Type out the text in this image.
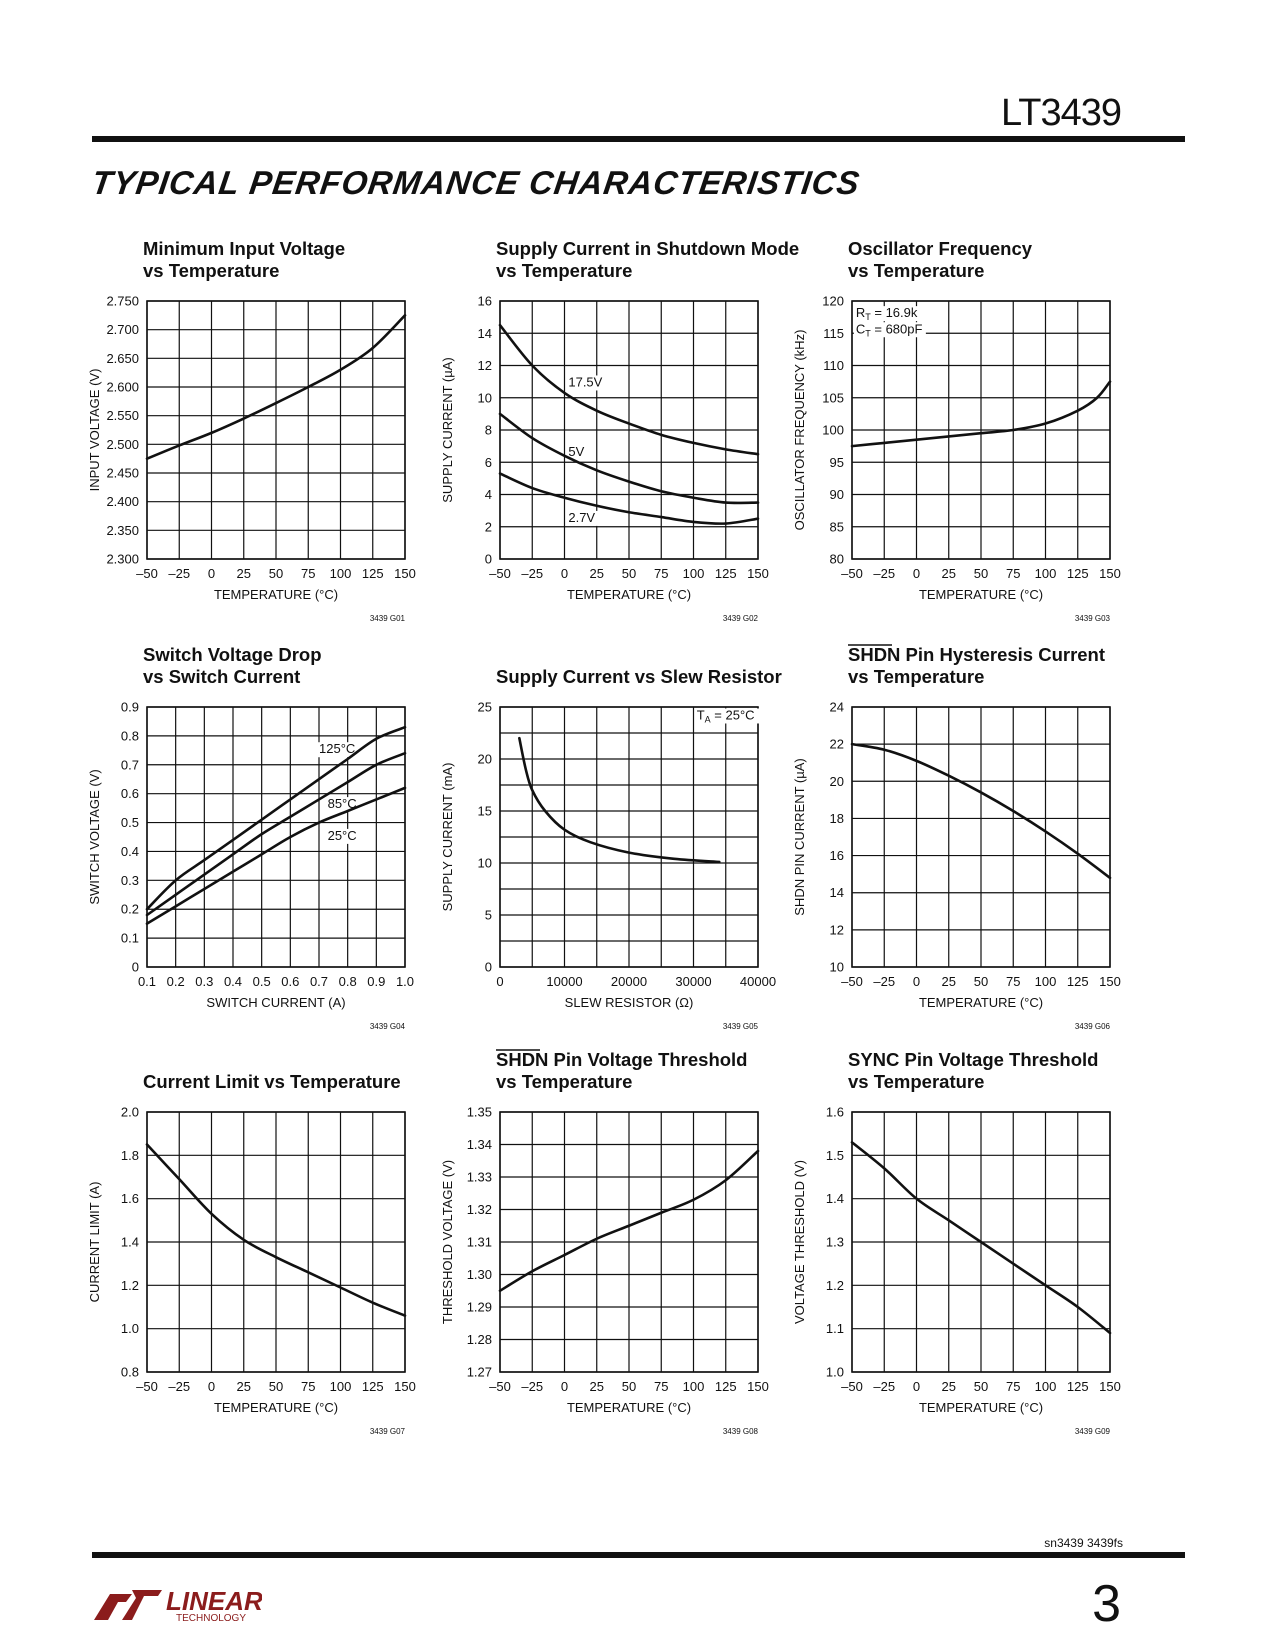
LT3439
TYPICAL PERFORMANCE CHARACTERISTICS
Minimum Input Voltage
vs Temperature
–50 –25 0 25 50 75 100 125 150
2.300
2.350
2.400
2.450
2.500
2.550
2.600
2.650
2.700
2.750
TEMPERATURE (°C)
INPUT VOLTAGE (V)
3439 G01
Supply Current in Shutdown Mode
vs Temperature
–50 –25 0 25 50 75 100 125 150
0
2
4
6
8
10
12
14
16
TEMPERATURE (°C)
SUPPLY CURRENT (µA)	17.5V
5V
2.7V
3439 G02
Oscillator Frequency
vs Temperature
–50 –25 0 25 50 75 100 125 150
80
85
90
95
100
105
110
115
120
TEMPERATURE (°C)
OSCILLATOR FREQUENCY (kHz)
$R_T = 16.9k$
$C_T = 680pF$
3439 G03
Switch Voltage Drop
vs Switch Current
0.1 0.2 0.3 0.4 0.5 0.6 0.7 0.8 0.9 1.0
0
0.1
0.2
0.3
0.4
0.5
0.6
0.7
0.8
0.9
SWITCH CURRENT (A)
SWITCH VOLTAGE (V)
125°C
85°C
25°C
3439 G04
Supply Current vs Slew Resistor
0	10000 20000 30000 40000
0
5
10
15
20
25
SLEW RESISTOR (Ω)
SUPPLY CURRENT (mA)
$T_A = 25^\circ C$
3439 G05
SHDN Pin Hysteresis Current
vs Temperature
–50 –25 0 25 50 75 100 125 150
10
12
14
16
18
20
22
24
TEMPERATURE (°C)
SHDN PIN CURRENT (µA)
3439 G06
Current Limit vs Temperature
–50 –25 0 25 50 75 100 125 150
0.8
1.0
1.2
1.4
1.6
1.8
2.0
TEMPERATURE (°C)
CURRENT LIMIT (A)
3439 G07
SHDN Pin Voltage Threshold
vs Temperature
–50 –25 0 25 50 75 100 125 150
1.27
1.28
1.29
1.30
1.31
1.32
1.33
1.34
1.35
TEMPERATURE (°C)
THRESHOLD VOLTAGE (V)
3439 G08
SYNC Pin Voltage Threshold
vs Temperature
–50 –25 0 25 50 75 100 125 150
1.0
1.1
1.2
1.3
1.4
1.5
1.6
TEMPERATURE (°C)
VOLTAGE THRESHOLD (V)
3439 G09
sn3439 3439fs
LINEAR
TECHNOLOGY	3
